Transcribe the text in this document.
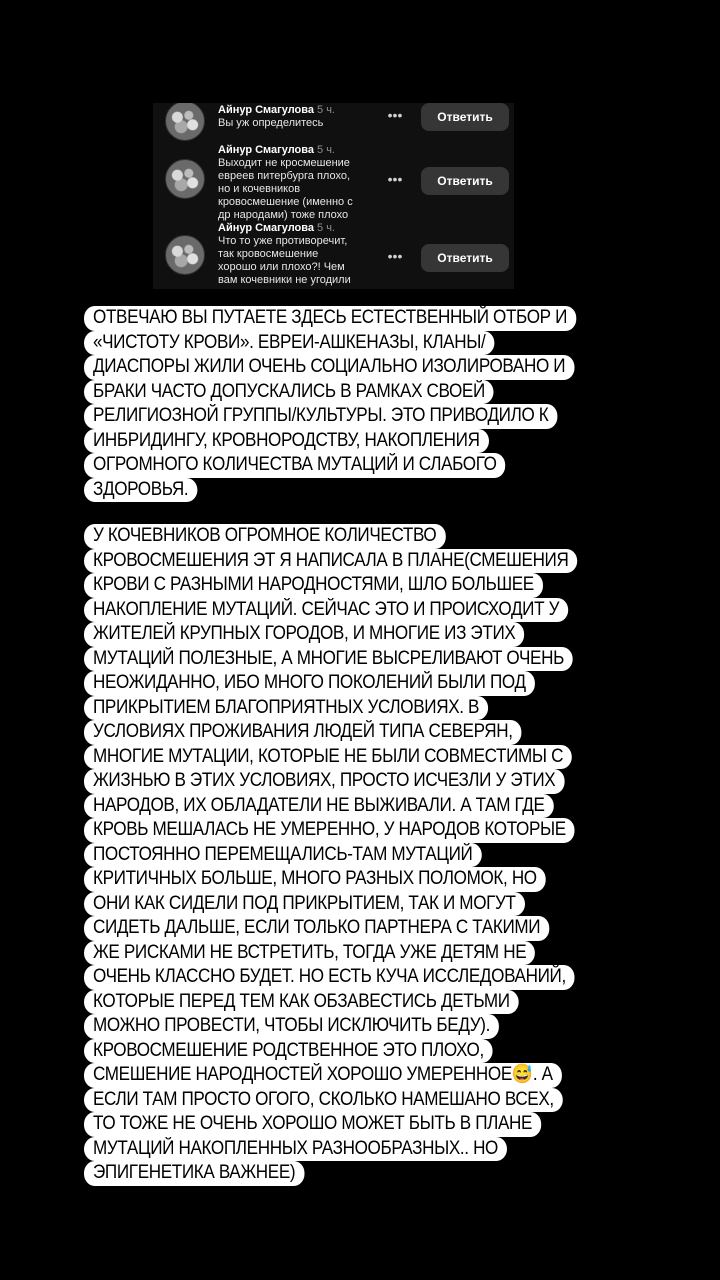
Айнур Смагулова 5 ч.
Вы уж определитесь
Айнур Смагулова 5 ч.
Выходит не кросмешение
евреев питербурга плохо,
но и кочевников
кровосмешение (именно с
др народами) тоже плохо
Айнур Смагулова 5 ч.
Что то уже противоречит,
так кровосмешение
хорошо или плохо?! Чем
вам кочевники не угодили
•••	Ответить
•••	Ответить
•••	Ответить
ОТВЕЧАЮ ВЫ ПУТАЕТЕ ЗДЕСЬ ЕСТЕСТВЕННЫЙ ОТБОР И
«ЧИСТОТУ КРОВИ». ЕВРЕИ-АШКЕНАЗЫ, КЛАНЫ/
ДИАСПОРЫ ЖИЛИ ОЧЕНЬ СОЦИАЛЬНО ИЗОЛИРОВАНО И
БРАКИ ЧАСТО ДОПУСКАЛИСЬ В РАМКАХ СВОЕЙ
РЕЛИГИОЗНОЙ ГРУППЫ/КУЛЬТУРЫ. ЭТО ПРИВОДИЛО К
ИНБРИДИНГУ, КРОВНОРОДСТВУ, НАКОПЛЕНИЯ
ОГРОМНОГО КОЛИЧЕСТВА МУТАЦИЙ И СЛАБОГО
ЗДОРОВЬЯ.
У КОЧЕВНИКОВ ОГРОМНОЕ КОЛИЧЕСТВО
КРОВОСМЕШЕНИЯ ЭТ Я НАПИСАЛА В ПЛАНЕ(СМЕШЕНИЯ
КРОВИ С РАЗНЫМИ НАРОДНОСТЯМИ, ШЛО БОЛЬШЕЕ
НАКОПЛЕНИЕ МУТАЦИЙ. СЕЙЧАС ЭТО И ПРОИСХОДИТ У
ЖИТЕЛЕЙ КРУПНЫХ ГОРОДОВ, И МНОГИЕ ИЗ ЭТИХ
МУТАЦИЙ ПОЛЕЗНЫЕ, А МНОГИЕ ВЫСРЕЛИВАЮТ ОЧЕНЬ
НЕОЖИДАННО, ИБО МНОГО ПОКОЛЕНИЙ БЫЛИ ПОД
ПРИКРЫТИЕМ БЛАГОПРИЯТНЫХ УСЛОВИЯХ. В
УСЛОВИЯХ ПРОЖИВАНИЯ ЛЮДЕЙ ТИПА СЕВЕРЯН,
МНОГИЕ МУТАЦИИ, КОТОРЫЕ НЕ БЫЛИ СОВМЕСТИМЫ С
ЖИЗНЬЮ В ЭТИХ УСЛОВИЯХ, ПРОСТО ИСЧЕЗЛИ У ЭТИХ
НАРОДОВ, ИХ ОБЛАДАТЕЛИ НЕ ВЫЖИВАЛИ. А ТАМ ГДЕ
КРОВЬ МЕШАЛАСЬ НЕ УМЕРЕННО, У НАРОДОВ КОТОРЫЕ
ПОСТОЯННО ПЕРЕМЕЩАЛИСЬ-ТАМ МУТАЦИЙ
КРИТИЧНЫХ БОЛЬШЕ, МНОГО РАЗНЫХ ПОЛОМОК, НО
ОНИ КАК СИДЕЛИ ПОД ПРИКРЫТИЕМ, ТАК И МОГУТ
СИДЕТЬ ДАЛЬШЕ, ЕСЛИ ТОЛЬКО ПАРТНЕРА С ТАКИМИ
ЖЕ РИСКАМИ НЕ ВСТРЕТИТЬ, ТОГДА УЖЕ ДЕТЯМ НЕ
ОЧЕНЬ КЛАССНО БУДЕТ. НО ЕСТЬ КУЧА ИССЛЕДОВАНИЙ,
КОТОРЫЕ ПЕРЕД ТЕМ КАК ОБЗАВЕСТИСЬ ДЕТЬМИ
МОЖНО ПРОВЕСТИ, ЧТОБЫ ИСКЛЮЧИТЬ БЕДУ).
КРОВОСМЕШЕНИЕ РОДСТВЕННОЕ ЭТО ПЛОХО,
СМЕШЕНИЕ НАРОДНОСТЕЙ ХОРОШО УМЕРЕННОЕ😅. А
ЕСЛИ ТАМ ПРОСТО ОГОГО, СКОЛЬКО НАМЕШАНО ВСЕХ,
ТО ТОЖЕ НЕ ОЧЕНЬ ХОРОШО МОЖЕТ БЫТЬ В ПЛАНЕ
МУТАЦИЙ НАКОПЛЕННЫХ РАЗНООБРАЗНЫХ.. НО
ЭПИГЕНЕТИКА ВАЖНЕЕ)
